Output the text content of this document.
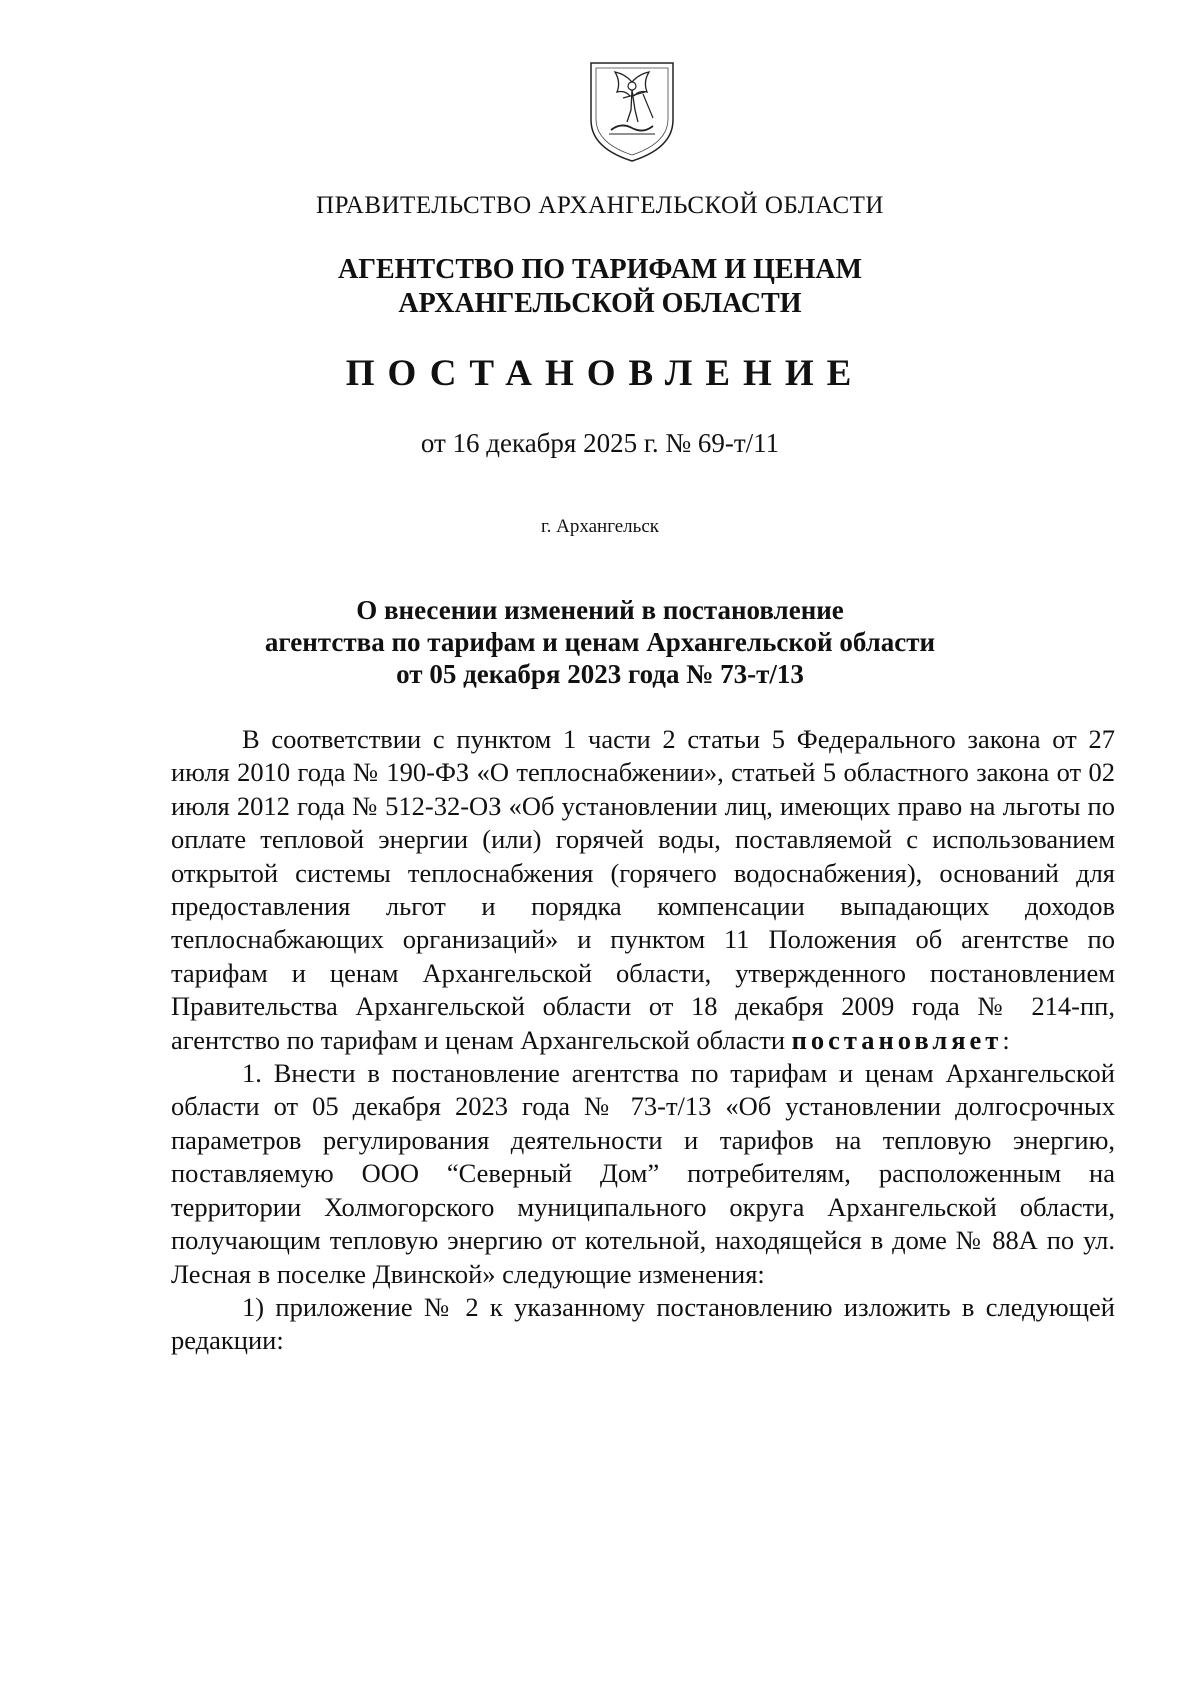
ПРАВИТЕЛЬСТВО АРХАНГЕЛЬСКОЙ ОБЛАСТИ
АГЕНТСТВО ПО ТАРИФАМ И ЦЕНАМ
АРХАНГЕЛЬСКОЙ ОБЛАСТИ
ПОСТАНОВЛЕНИЕ
от 16 декабря 2025 г. № 69-т/11
г. Архангельск
О внесении изменений в постановление
агентства по тарифам и ценам Архангельской области
от 05 декабря 2023 года № 73-т/13

В соответствии с пунктом 1 части 2 статьи 5 Федерального закона от 27 июля 2010 года № 190-ФЗ «О теплоснабжении», статьей 5 областного закона от 02 июля 2012 года № 512-32-ОЗ «Об установлении лиц, имеющих право на льготы по оплате тепловой энергии (или) горячей воды, поставляемой с использованием открытой системы теплоснабжения (горячего водоснабжения), оснований для предоставления льгот и порядка компенсации выпадающих доходов теплоснабжающих организаций» и пунктом 11 Положения об агентстве по тарифам и ценам Архангельской области, утвержденного постановлением Правительства Архангельской области от 18 декабря 2009 года № 214-пп, агентство по тарифам и ценам Архангельской области постановляет:

1. Внести в постановление агентства по тарифам и ценам Архангельской области от 05 декабря 2023 года № 73-т/13 «Об установлении долгосрочных параметров регулирования деятельности и тарифов на тепловую энергию, поставляемую ООО “Северный Дом” потребителям, расположенным на территории Холмогорского муниципального округа Архангельской области, получающим тепловую энергию от котельной, находящейся в доме № 88А по ул. Лесная в поселке Двинской» следующие изменения:

1) приложение № 2 к указанному постановлению изложить в следующей редакции:
